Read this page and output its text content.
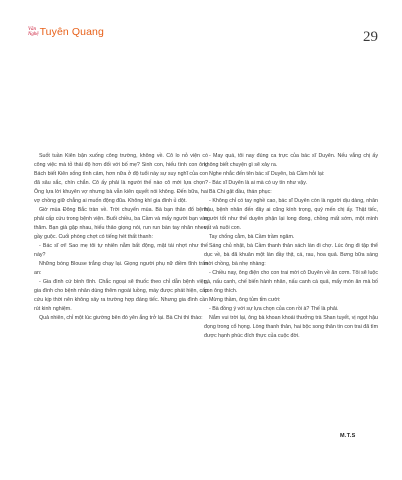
Văn
Nghệ Tuyên Quang	29

Suốt tuần Kiên bận xuống công trường, không về. Cô lo nỏ viện có công việc mà tỏ thái độ hơn đối với bố mẹ? Sinh con, hiếu tình con ông Bách biết Kiên sống tình cảm, hơn nữa ở độ tuổi này sự suy nghĩ của con đã sâu sắc, chín chắn. Cô ấy phải là người thế nào cô mới lựa chọn? Ông lựa lời khuyên vợ nhưng bà vẫn kiên quyết nói không. Đến bữa, hai vợ chồng giữ chẳng ai muốn động đũa. Không khí gia đình ủ dột.

Giờ mùa Đông Bắc tràn về. Trời chuyển mùa. Bà bạn thân đổ bệnh phải cấp cứu trong bệnh viện. Buổi chiều, ba Cầm và mấy người bạn vào thăm. Bạn già gặp nhau, hiếu thảo giọng nói, run run bàn tay nhăn nheo, gầy guộc. Cuối phòng chợt có tiếng hét thất thanh:

- Bác sĩ ơi! Sao mẹ tôi tự nhiên nằm bất động, mặt tái nhợt như thế này?

Những bóng Blouse trắng chạy lại. Giọng người phụ nữ điềm tĩnh trấn an:

- Gia đình cứ bình tĩnh. Chắc ngoại sẽ thuốc theo chỉ dẫn bệnh viện, gia đình cho bệnh nhân dùng thêm ngoài luồng, máy được phát hiện, cấp cứu kịp thời nên không xảy ra trường hợp đáng tiếc. Nhưng gia đình cần rút kinh nghiệm.

Quả nhiên, chỉ một lúc giường bên đó yên ắng trở lại. Bà Chi thì thào:

- May quá, tôi nay đúng ca trực của bác sĩ Duyên. Nếu vắng chị ấy không biết chuyện gì sẽ xảy ra.

Nghe nhắc đến tên bác sĩ Duyên, bà Cầm hỏi lại:

- Bác sĩ Duyên là ai mà có uy tín như vậy.

Bà Chi gật đầu, thán phục:

- Không chỉ có tay nghề cao, bác sĩ Duyên còn là người dịu dàng, nhân hậu, bệnh nhân đến đây ai cũng kính trọng, quý mến chị ấy. Thật tiếc, người tốt như thế duyên phận lại long đong, chồng mất sớm, một mình vất vả nuôi con.

Tay chống cằm, bà Cầm trầm ngâm.

Sáng chủ nhật, bà Cầm thanh thản xách làn đi chợ. Lúc ông đi tập thể dục về, bà đã khuân một làn đầy thịt, cá, rau, hoa quả. Bưng bữa sáng mời chồng, bà nhẹ nhàng:

- Chiều nay, ông điện cho con trai mời cô Duyên về ăn cơm. Tôi sẽ luộc gà, nấu canh, chế biến hành nhân, nấu canh cá quả, mấy món ăn mà bố con ông thích.

Mừng thầm, ông tủm tỉm cười:

- Bà đồng ý với sự lựa chọn của con rồi à? Thế là phải.

Nắm vui trời lại, ông bà khoan khoái thưởng trà Shan tuyết, vị ngọt hậu đọng trong cổ họng. Lòng thanh thản, hai bộc song thân tin con trai đã tìm được hạnh phúc đích thực của cuộc đời.

M.T.S
